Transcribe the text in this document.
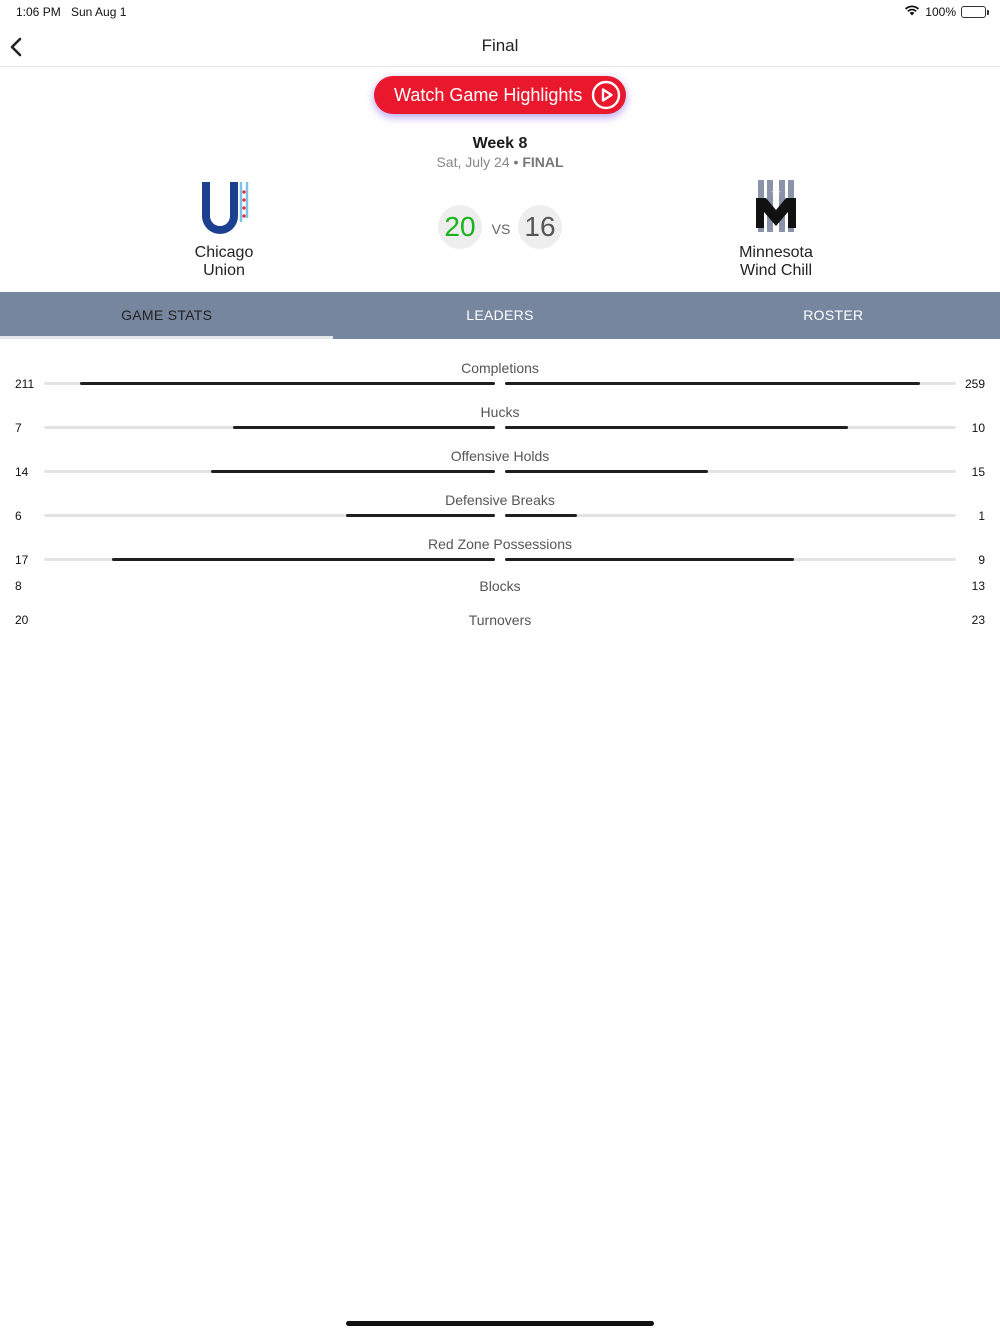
1:06 PM Sun Aug 1	100%
Final
Watch Game Highlights
Week 8
Sat, July 24 • FINAL
Chicago
Union
20	VS 16
Minnesota
Wind Chill
GAME STATS	LEADERS	ROSTER
Completions
211	259
Hucks
7	10
Offensive Holds
14	15
Defensive Breaks
6	1
Red Zone Possessions
17	9
Blocks
8	13
Turnovers
20	23
